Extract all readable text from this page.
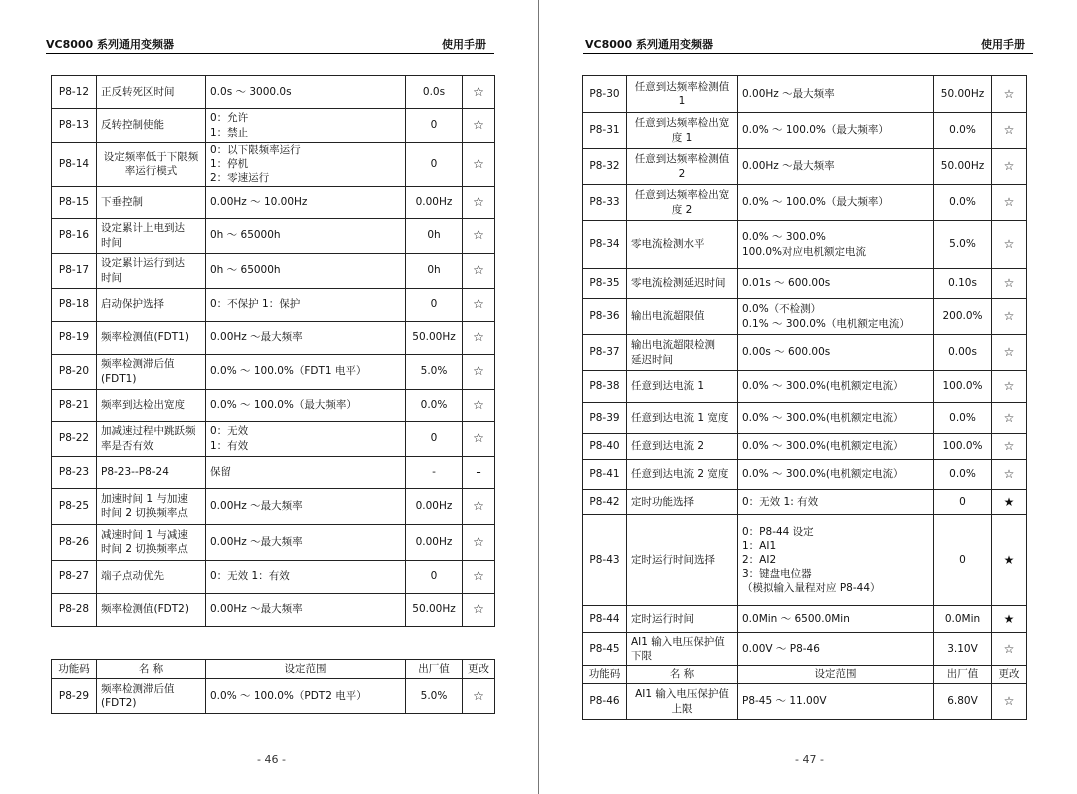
VC8000 系列通用变频器	使用手册
P8-12	正反转死区时间	0.0s ～ 3000.0s	0.0s	☆
P8-13	反转控制使能	0：允许
1：禁止	0	☆
P8-14	设定频率低于下限频
率运行模式	0：以下限频率运行
1：停机
2：零速运行	0	☆
P8-15	下垂控制	0.00Hz ～ 10.00Hz	0.00Hz	☆
P8-16	设定累计上电到达
时间	0h ～ 65000h	0h	☆
P8-17	设定累计运行到达
时间	0h ～ 65000h	0h	☆
P8-18	启动保护选择	0：不保护 1：保护	0	☆
P8-19	频率检测值(FDT1)	0.00Hz ～最大频率	50.00Hz	☆
P8-20	频率检测滞后值
(FDT1)	0.0% ～ 100.0%（FDT1 电平）	5.0%	☆
P8-21	频率到达检出宽度	0.0% ～ 100.0%（最大频率）	0.0%	☆
P8-22	加减速过程中跳跃频
率是否有效	0：无效
1：有效	0	☆
P8-23	P8-23--P8-24	保留	-	-
P8-25	加速时间 1 与加速
时间 2 切换频率点	0.00Hz ～最大频率	0.00Hz	☆
P8-26	减速时间 1 与减速
时间 2 切换频率点	0.00Hz ～最大频率	0.00Hz	☆
P8-27	端子点动优先	0：无效 1：有效	0	☆
P8-28	频率检测值(FDT2)	0.00Hz ～最大频率	50.00Hz	☆
功能码	名 称	设定范围	出厂值	更改
P8-29	频率检测滞后值
(FDT2)	0.0% ～ 100.0%（PDT2 电平）	5.0%	☆
- 46 -
VC8000 系列通用变频器	使用手册
P8-30	任意到达频率检测值
1	0.00Hz ～最大频率	50.00Hz	☆
P8-31	任意到达频率检出宽
度 1	0.0% ～ 100.0%（最大频率）	0.0%	☆
P8-32	任意到达频率检测值
2	0.00Hz ～最大频率	50.00Hz	☆
P8-33	任意到达频率检出宽
度 2	0.0% ～ 100.0%（最大频率）	0.0%	☆
P8-34	零电流检测水平	0.0% ～ 300.0%
100.0%对应电机额定电流	5.0%	☆
P8-35	零电流检测延迟时间	0.01s ～ 600.00s	0.10s	☆
P8-36	输出电流超限值	0.0%（不检测）
0.1% ～ 300.0%（电机额定电流）	200.0%	☆
P8-37	输出电流超限检测
延迟时间	0.00s ～ 600.00s	0.00s	☆
P8-38	任意到达电流 1	0.0% ～ 300.0%(电机额定电流）	100.0%	☆
P8-39	任意到达电流 1 宽度	0.0% ～ 300.0%(电机额定电流）	0.0%	☆
P8-40	任意到达电流 2	0.0% ～ 300.0%(电机额定电流）	100.0%	☆
P8-41	任意到达电流 2 宽度	0.0% ～ 300.0%(电机额定电流）	0.0%	☆
P8-42	定时功能选择	0：无效 1: 有效	0	★
P8-43	定时运行时间选择	0：P8-44 设定
1：AI1
2：AI2
3：键盘电位器
（模拟输入量程对应 P8-44）	0	★
P8-44	定时运行时间	0.0Min ～ 6500.0Min	0.0Min	★
P8-45	AI1 输入电压保护值
下限	0.00V ～ P8-46	3.10V	☆
功能码	名 称	设定范围	出厂值	更改
P8-46	AI1 输入电压保护值
上限	P8-45 ～ 11.00V	6.80V	☆
- 47 -
